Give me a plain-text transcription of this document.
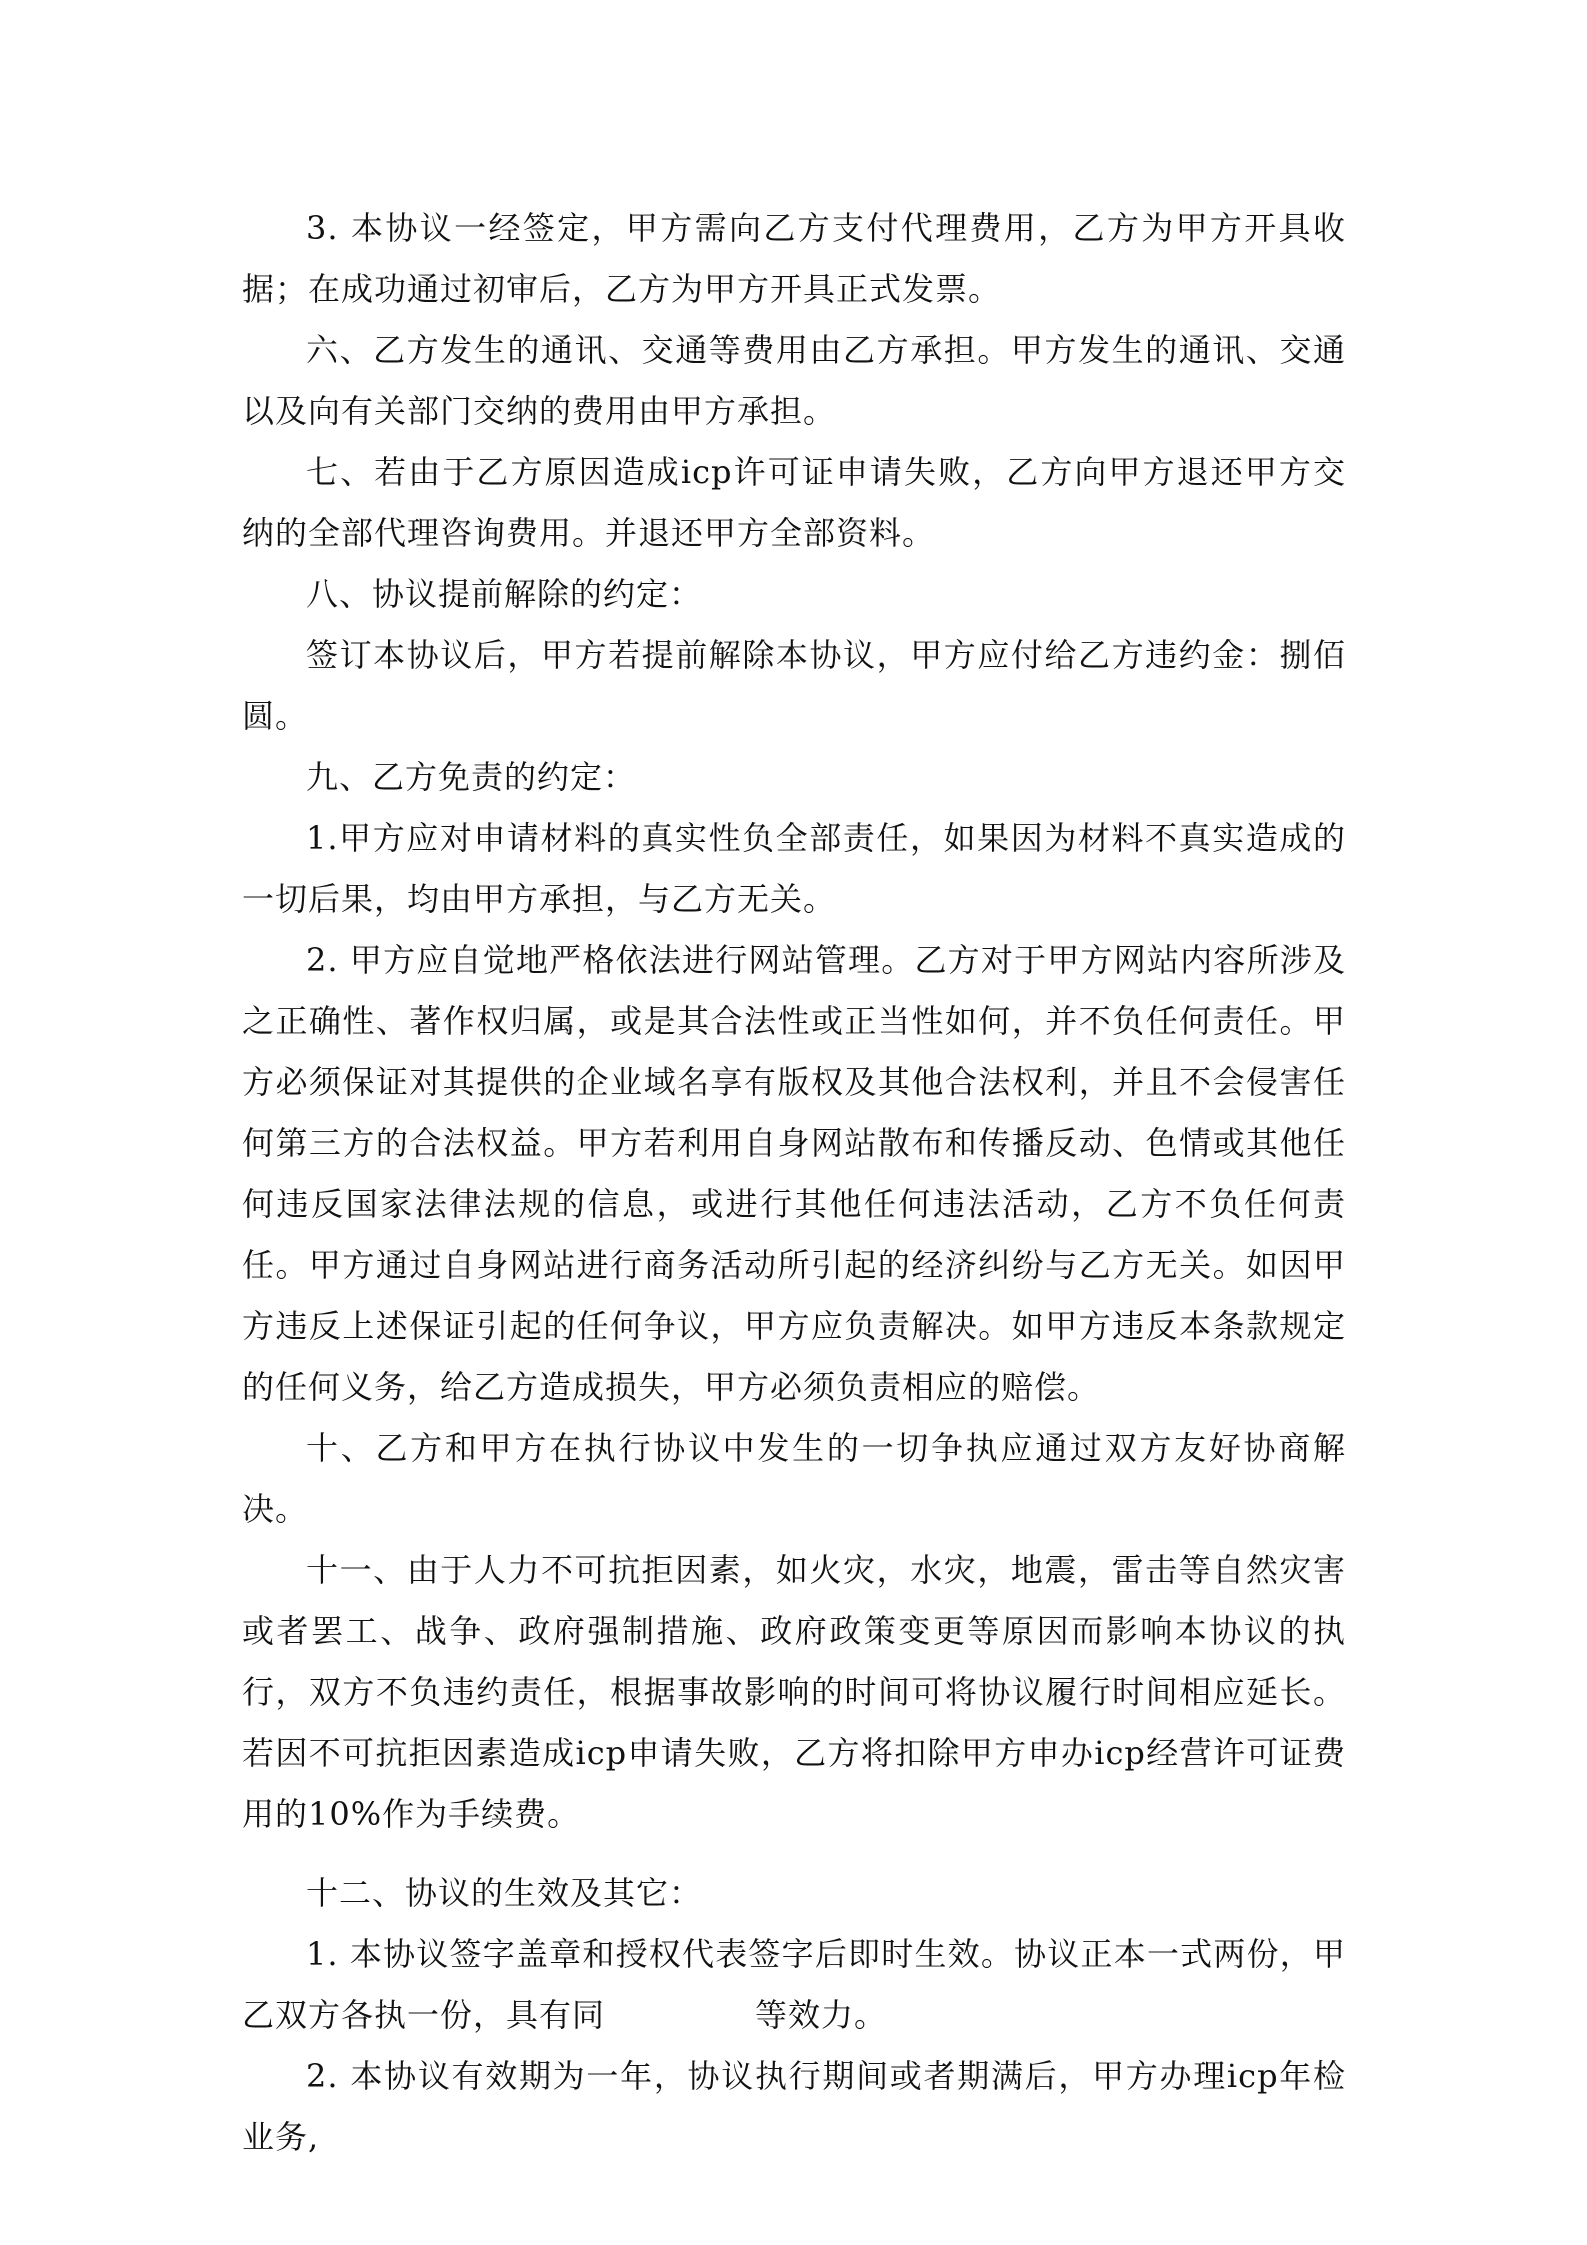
3. 本协议一经签定，甲方需向乙方支付代理费用，乙方为甲方开具收据；在成功通过初审后，乙方为甲方开具正式发票。

六、乙方发生的通讯、交通等费用由乙方承担。甲方发生的通讯、交通以及向有关部门交纳的费用由甲方承担。

七、若由于乙方原因造成icp许可证申请失败，乙方向甲方退还甲方交纳的全部代理咨询费用。并退还甲方全部资料。

八、协议提前解除的约定：

签订本协议后，甲方若提前解除本协议，甲方应付给乙方违约金：捌佰圆。

九、乙方免责的约定：

1.甲方应对申请材料的真实性负全部责任，如果因为材料不真实造成的一切后果，均由甲方承担，与乙方无关。

2. 甲方应自觉地严格依法进行网站管理。乙方对于甲方网站内容所涉及之正确性、著作权归属，或是其合法性或正当性如何，并不负任何责任。甲方必须保证对其提供的企业域名享有版权及其他合法权利，并且不会侵害任何第三方的合法权益。甲方若利用自身网站散布和传播反动、色情或其他任何违反国家法律法规的信息，或进行其他任何违法活动，乙方不负任何责任。甲方通过自身网站进行商务活动所引起的经济纠纷与乙方无关。如因甲方违反上述保证引起的任何争议，甲方应负责解决。如甲方违反本条款规定的任何义务，给乙方造成损失，甲方必须负责相应的赔偿。

十、乙方和甲方在执行协议中发生的一切争执应通过双方友好协商解决。

十一、由于人力不可抗拒因素，如火灾，水灾，地震，雷击等自然灾害或者罢工、战争、政府强制措施、政府政策变更等原因而影响本协议的执行，双方不负违约责任，根据事故影响的时间可将协议履行时间相应延长。若因不可抗拒因素造成icp申请失败，乙方将扣除甲方申办icp经营许可证费用的10%作为手续费。

十二、协议的生效及其它：

1. 本协议签字盖章和授权代表签字后即时生效。协议正本一式两份，甲乙双方各执一份，具有同	等效力。

2. 本协议有效期为一年，协议执行期间或者期满后，甲方办理icp年检业务,
